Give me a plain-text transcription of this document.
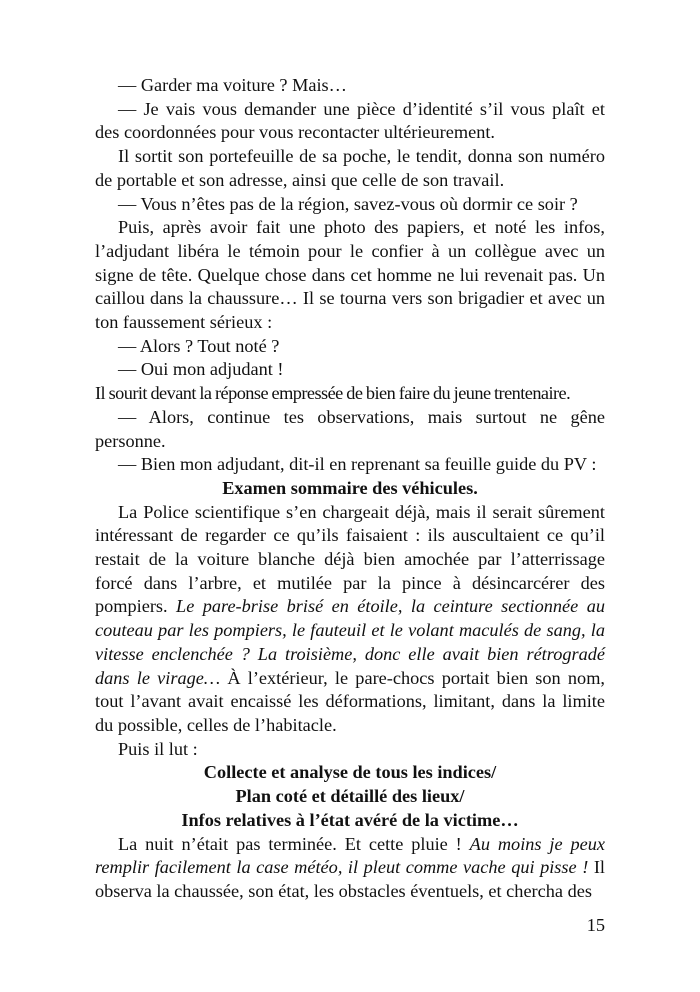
— Garder ma voiture ? Mais…

— Je vais vous demander une pièce d’identité s’il vous plaît et des coordonnées pour vous recontacter ultérieurement.

Il sortit son portefeuille de sa poche, le tendit, donna son numéro de portable et son adresse, ainsi que celle de son travail.

— Vous n’êtes pas de la région, savez-vous où dormir ce soir ?

Puis, après avoir fait une photo des papiers, et noté les infos, l’adjudant libéra le témoin pour le confier à un collègue avec un signe de tête. Quelque chose dans cet homme ne lui revenait pas. Un caillou dans la chaussure… Il se tourna vers son brigadier et avec un ton faussement sérieux :

— Alors ? Tout noté ?

— Oui mon adjudant !

Il sourit devant la réponse empressée de bien faire du jeune trentenaire.

— Alors, continue tes observations, mais surtout ne gêne personne.

— Bien mon adjudant, dit-il en reprenant sa feuille guide du PV :

Examen sommaire des véhicules.

La Police scientifique s’en chargeait déjà, mais il serait sûrement intéressant de regarder ce qu’ils faisaient : ils auscultaient ce qu’il restait de la voiture blanche déjà bien amochée par l’atterrissage forcé dans l’arbre, et mutilée par la pince à désincarcérer des pompiers. Le pare-brise brisé en étoile, la ceinture sectionnée au couteau par les pompiers, le fauteuil et le volant maculés de sang, la vitesse enclenchée ? La troisième, donc elle avait bien rétrogradé dans le virage… À l’extérieur, le pare-chocs portait bien son nom, tout l’avant avait encaissé les déformations, limitant, dans la limite du possible, celles de l’habitacle.

Puis il lut :

Collecte et analyse de tous les indices/

Plan coté et détaillé des lieux/

Infos relatives à l’état avéré de la victime…

La nuit n’était pas terminée. Et cette pluie ! Au moins je peux remplir facilement la case météo, il pleut comme vache qui pisse ! Il observa la chaussée, son état, les obstacles éventuels, et chercha des

15
